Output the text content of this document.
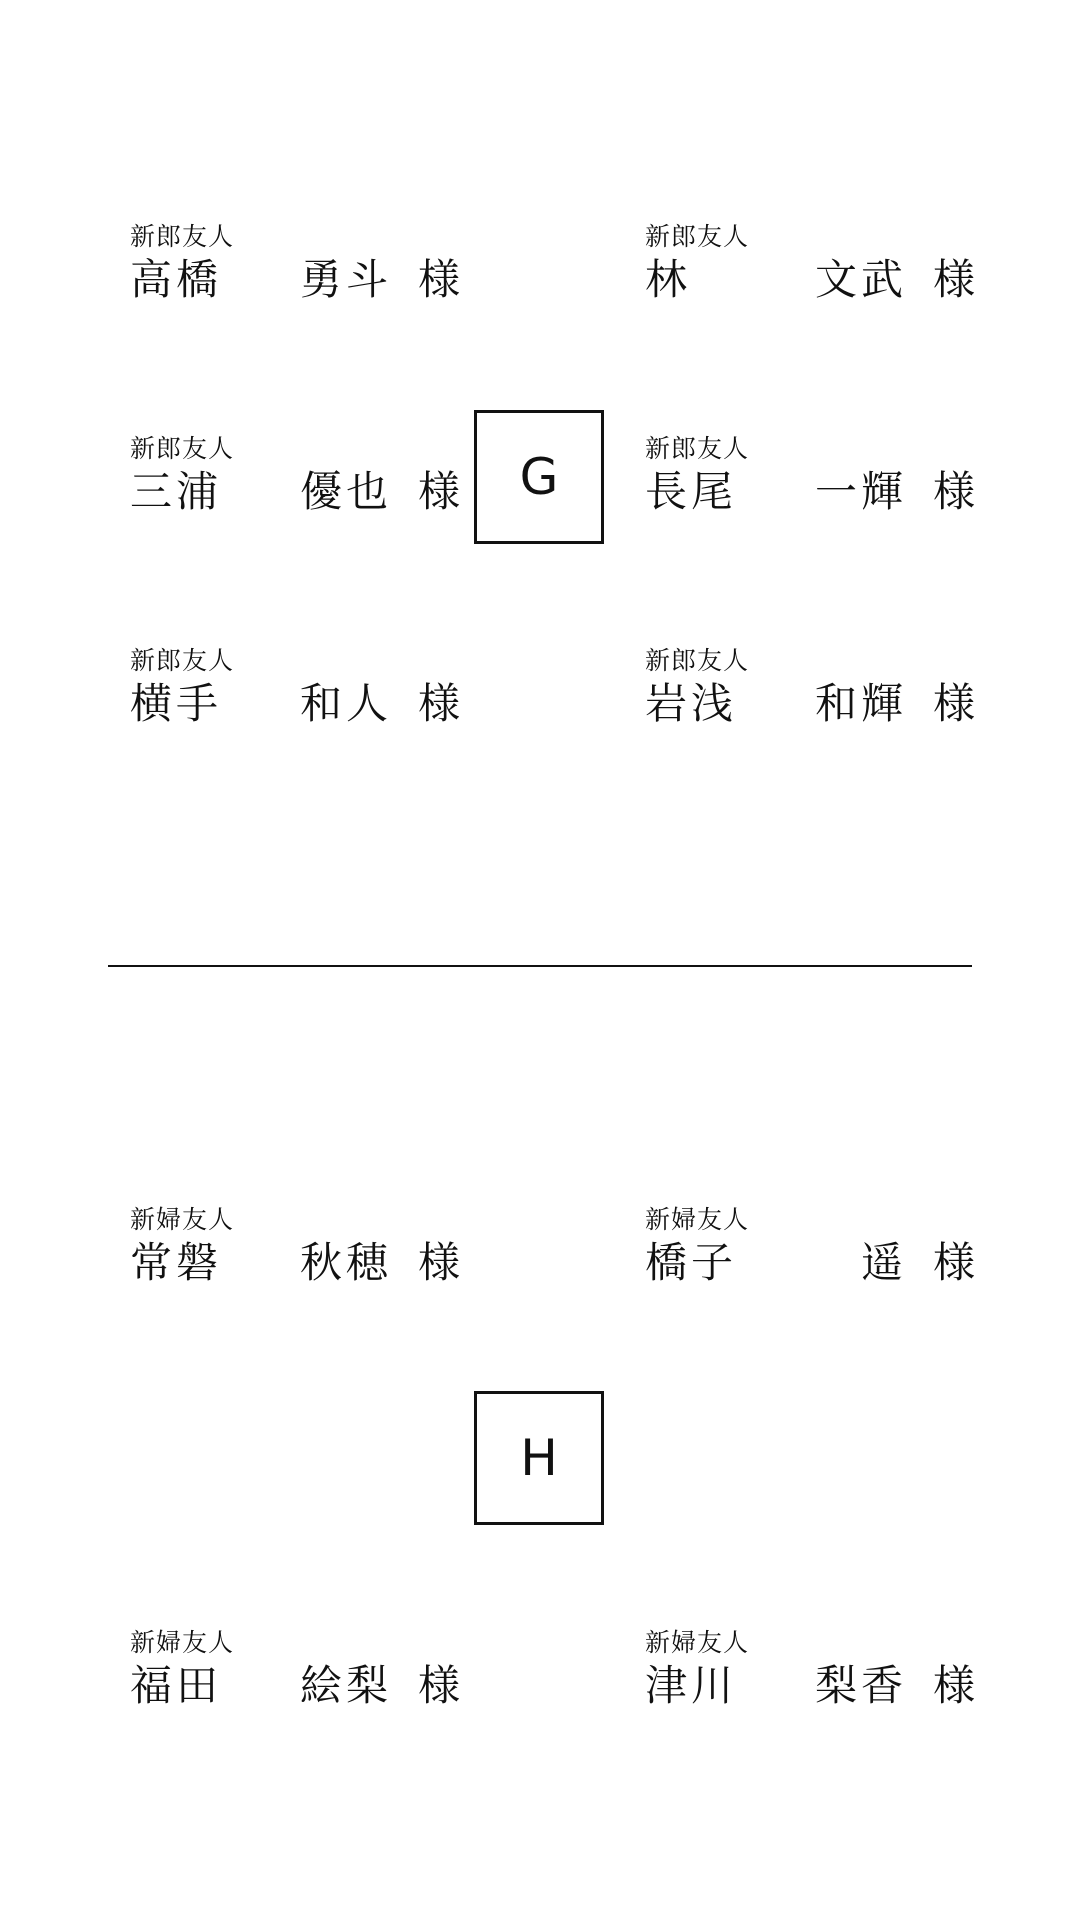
新郎友人
高橋 勇斗 様
新郎友人
林	文武 様
新郎友人
三浦 優也 様 G	新郎友人
長尾 一輝 様
新郎友人
横手 和人 様
新郎友人
岩浅 和輝 様
新婦友人
常磐 秋穂 様
新婦友人
橋子	遥 様
H
新婦友人
福田 絵梨 様
新婦友人
津川 梨香 様
